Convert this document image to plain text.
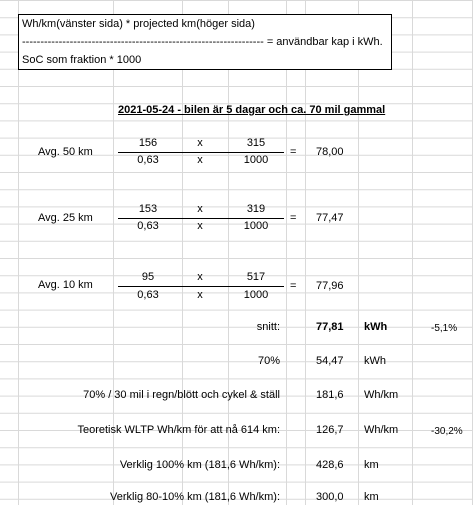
Wh/km(vänster sida) * projected km(höger sida)
------------------------------------------------------------------ = användbar kap i kWh.
SoC som fraktion * 1000
2021-05-24 - bilen är 5 dagar och ca. 70 mil gammal
Avg. 50 km
156	x	315
0,63	x	1000
= 78,00
Avg. 25 km
153	x	319
0,63	x	1000
= 77,47
Avg. 10 km
95	x	517
0,63	x	1000
= 77,96
snitt:	77,81 kWh	-5,1%
70%	54,47 kWh
70% / 30 mil i regn/blött och cykel & ställ	181,6 Wh/km
Teoretisk WLTP Wh/km för att nå 614 km:	126,7 Wh/km	-30,2%
Verklig 100% km (181,6 Wh/km):	428,6 km
Verklig 80-10% km (181,6 Wh/km):	300,0 km
